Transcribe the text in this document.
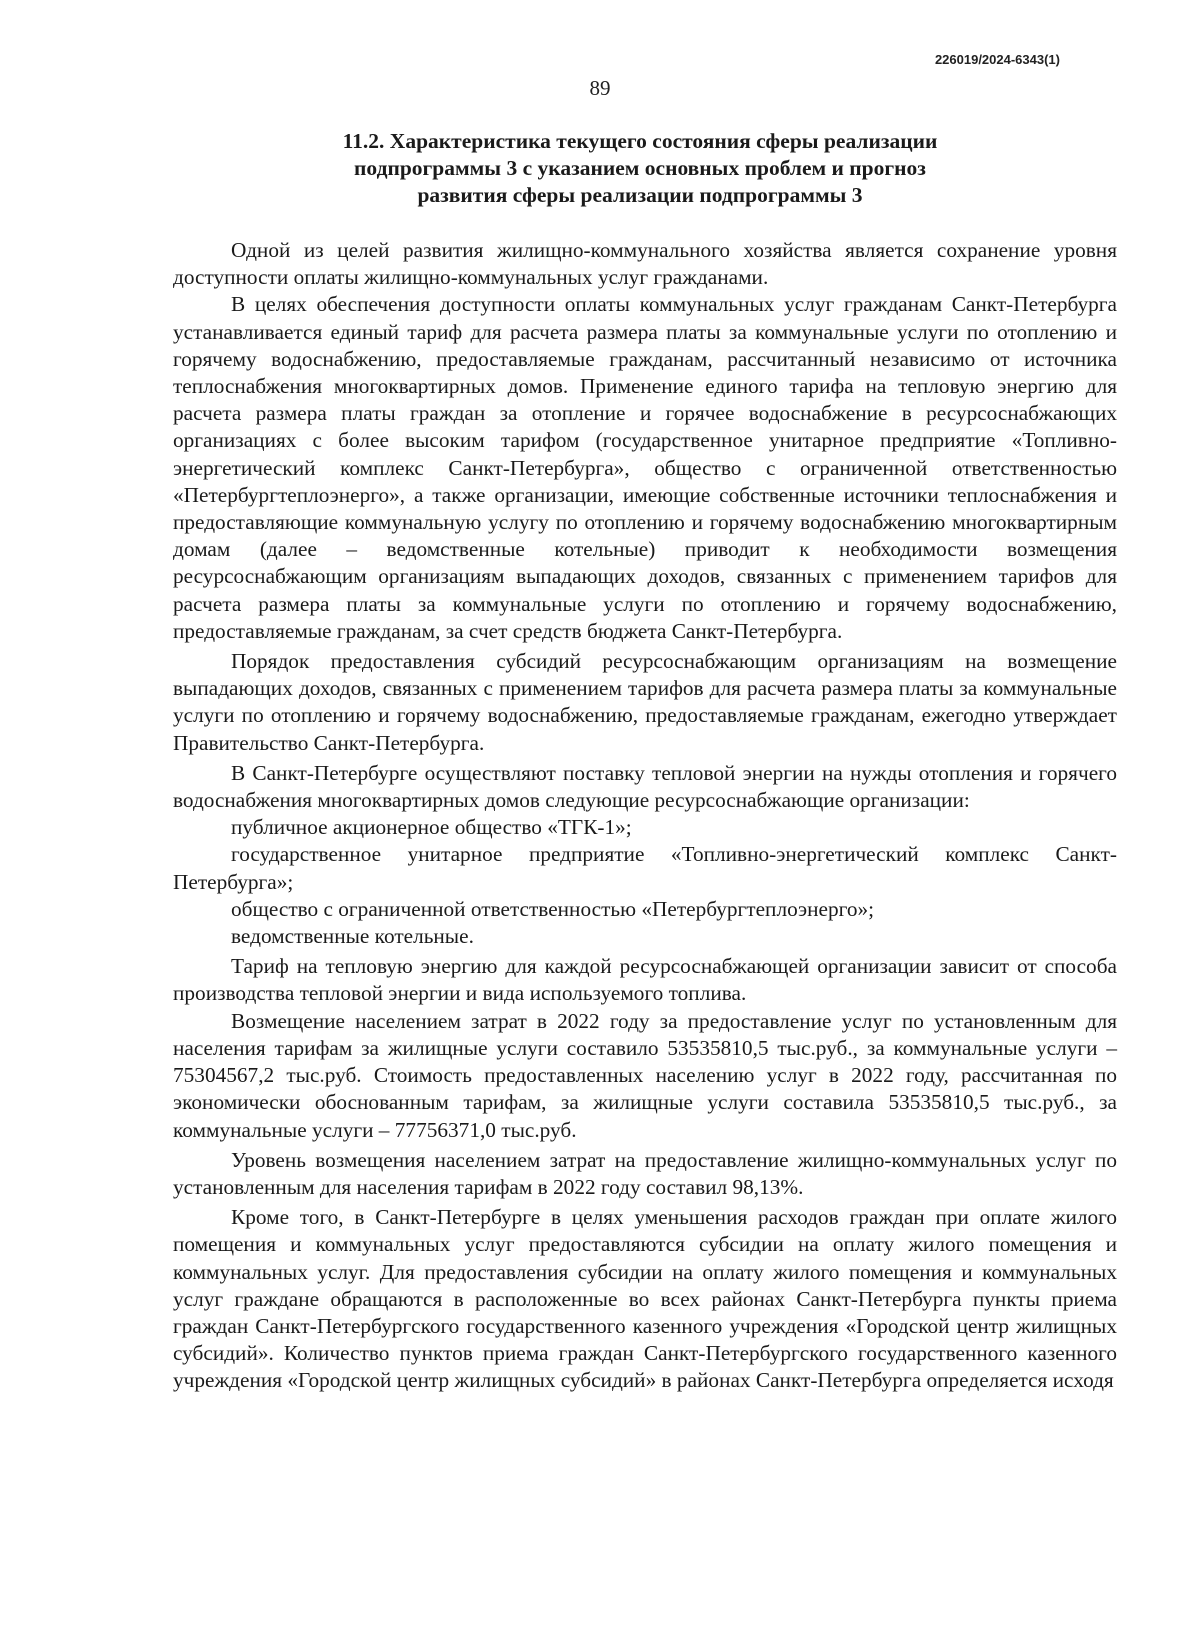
226019/2024-6343(1)
89
11.2. Характеристика текущего состояния сферы реализации
подпрограммы 3 с указанием основных проблем и прогноз
развития сферы реализации подпрограммы 3

Одной из целей развития жилищно-коммунального хозяйства является сохранение уровня доступности оплаты жилищно-коммунальных услуг гражданами.

В целях обеспечения доступности оплаты коммунальных услуг гражданам Санкт-Петербурга устанавливается единый тариф для расчета размера платы за коммунальные услуги по отоплению и горячему водоснабжению, предоставляемые гражданам, рассчитанный независимо от источника теплоснабжения многоквартирных домов. Применение единого тарифа на тепловую энергию для расчета размера платы граждан за отопление и горячее водоснабжение в ресурсоснабжающих организациях с более высоким тарифом (государственное унитарное предприятие «Топливно-энергетический комплекс Санкт-Петербурга», общество с ограниченной ответственностью «Петербургтеплоэнерго», а также организации, имеющие собственные источники теплоснабжения и предоставляющие коммунальную услугу по отоплению и горячему водоснабжению многоквартирным домам (далее – ведомственные котельные) приводит к необходимости возмещения ресурсоснабжающим организациям выпадающих доходов, связанных с применением тарифов для расчета размера платы за коммунальные услуги по отоплению и горячему водоснабжению, предоставляемые гражданам, за счет средств бюджета Санкт-Петербурга.

Порядок предоставления субсидий ресурсоснабжающим организациям на возмещение выпадающих доходов, связанных с применением тарифов для расчета размера платы за коммунальные услуги по отоплению и горячему водоснабжению, предоставляемые гражданам, ежегодно утверждает Правительство Санкт-Петербурга.

В Санкт-Петербурге осуществляют поставку тепловой энергии на нужды отопления и горячего водоснабжения многоквартирных домов следующие ресурсоснабжающие организации:

публичное акционерное общество «ТГК-1»;

государственное унитарное предприятие «Топливно-энергетический комплекс Санкт-Петербурга»;

общество с ограниченной ответственностью «Петербургтеплоэнерго»;

ведомственные котельные.

Тариф на тепловую энергию для каждой ресурсоснабжающей организации зависит от способа производства тепловой энергии и вида используемого топлива.

Возмещение населением затрат в 2022 году за предоставление услуг по установленным для населения тарифам за жилищные услуги составило 53535810,5 тыс.руб., за коммунальные услуги – 75304567,2 тыс.руб. Стоимость предоставленных населению услуг в 2022 году, рассчитанная по экономически обоснованным тарифам, за жилищные услуги составила 53535810,5 тыс.руб., за коммунальные услуги – 77756371,0 тыс.руб.

Уровень возмещения населением затрат на предоставление жилищно-коммунальных услуг по установленным для населения тарифам в 2022 году составил 98,13%.

Кроме того, в Санкт-Петербурге в целях уменьшения расходов граждан при оплате жилого помещения и коммунальных услуг предоставляются субсидии на оплату жилого помещения и коммунальных услуг. Для предоставления субсидии на оплату жилого помещения и коммунальных услуг граждане обращаются в расположенные во всех районах Санкт-Петербурга пункты приема граждан Санкт-Петербургского государственного казенного учреждения «Городской центр жилищных субсидий». Количество пунктов приема граждан Санкт-Петербургского государственного казенного учреждения «Городской центр жилищных субсидий» в районах Санкт-Петербурга определяется исходя
